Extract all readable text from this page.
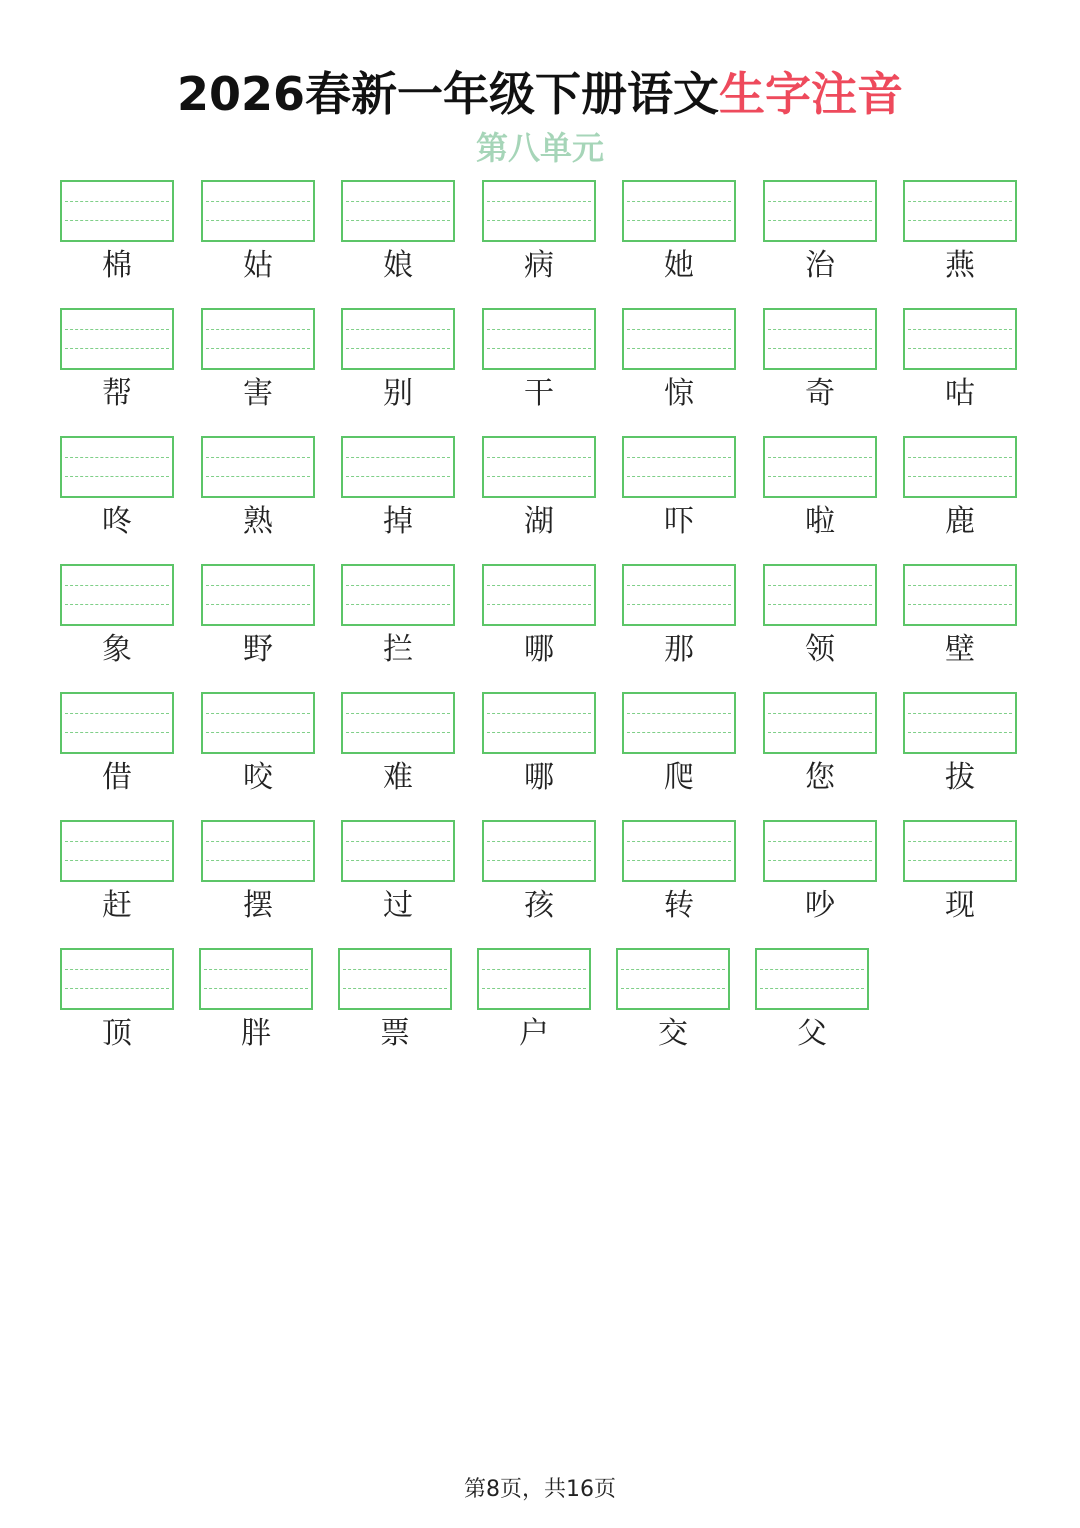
2026春新一年级下册语文生字注音
第八单元
棉	姑	娘	病	她	治	燕
帮	害	别	干	惊	奇	咕
咚	熟	掉	湖	吓	啦	鹿
象	野	拦	哪	那	领	壁
借	咬	难	哪	爬	您	拔
赶	摆	过	孩	转	吵	现
顶	胖	票	户	交	父
第8页，共16页
